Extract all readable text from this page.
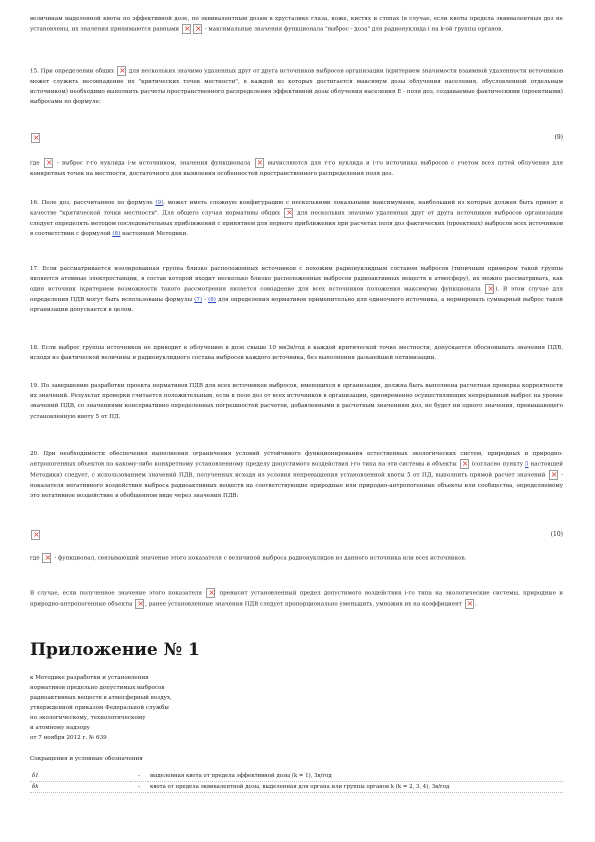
величинам выделенной квоты по эффективной дозе, по эквивалентным дозам в хрусталике глаза, коже, кистях и стопах (в случае, если квоты предела эквивалентных доз не установлены, их значения принимаются равными × ×	- максимальные значения функционала "выброс - доза" для радионуклида i на k-ой группы органов.

15. При определении общих ×	для нескольких значимо удаленных друг от друга источников выбросов организации (критерием значимости взаимной удаленности источников может служить несовпадение их "критических точек местности", в каждой из которых достигается максимум дозы облучения населения, обусловленной отдельным источником) необходимо выполнить расчеты пространственного распределения эффективной дозы облучения населения E - поля доз, создаваемые фактическими (проектными) выбросами по формуле:

×
(9)

где ×	- выброс r-го нуклида i-м источником, значения функционала ×	вычисляются для r-го нуклида и i-го источника выбросов с учетом всех путей облучения для конкретных точек на местности, достаточного для выявления особенностей пространственного распределения поля доз.

16. Поле доз, рассчитанное по формуле (9), может иметь сложную конфигурацию с несколькими локальными максимумами, наибольший из которых должен быть принят в качестве "критической точки местности". Для общего случая нормативы общих ×	для нескольких значимо удаленных друг от друга источников выбросов организации следует определять методом последовательных приближений с принятием для первого приближения при расчетах поля доз фактических (проектных) выбросов всех источников в соответствии с формулой (8) настоящей Методики.

17. Если рассматривается изолированная группа близко расположенных источников с похожим радионуклидным составом выбросов (типичным примером такой группы являются атомные электростанции, в состав которой входит несколько близко расположенных выбросов радиоактивных веществ в атмосферу), их можно рассматривать, как один источник (критерием возможности такого рассмотрения является совпадение для всех источников положения максимума функционала ×	). В этом случае для определения ПДВ могут быть использованы формулы (7) - (8) для определения нормативов применительно для одиночного источника, а нормировать суммарный выброс такой организации допускается в целом.

18. Если выброс группы источников не приводит к облучению в дозе свыше 10 мкЗв/год в каждой критической точке местности, допускается обосновывать значения ПДВ, исходя из фактической величины и радионуклидного состава выбросов каждого источника, без выполнения дальнейшей оптимизации.

19. По завершению разработки проекта нормативов ПДВ для всех источников выбросов, имеющихся в организации, должна быть выполнена расчетная проверка корректности их значений. Результат проверки считается положительным, если в поле доз от всех источников в организации, одновременно осуществляющих непрерывный выброс на уровне значений ПДВ, со значениями консервативно определенных погрешностей расчетов, добавленными к расчетным значениям доз, не будет ни одного значения, превышающего установленную квоту 5 от ПД.

20. При необходимости обеспечения выполнения ограничения условий устойчивого функционирования естественных экологических систем, природных и природно-антропогенных объектов по какому-либо конкретному установленному пределу допустимого воздействия i-го типа на эти системы и объекты ×	(согласно пункту 5 настоящей Методики) следует, с использованием значений ПДВ, полученных исходя из условия непревышения установленной квоты 5 от ПД, выполнить прямой расчет значений ×	- показателя негативного воздействия выброса радиоактивных веществ на соответствующие природные или природно-антропогенные объекты или сообщества, определяемому это негативное воздействие в обобщенном виде через значения ПДВ:

×
(10)

где ×	- функционал, связывающий значение этого показателя с величиной выброса радионуклидов из данного источника или всех источников.

В случае, если полученное значение этого показателя ×	превысит установленный предел допустимого воздействия i-го типа на экологические системы, природные и природно-антропогенные объекты × , ранее установленные значения ПДВ следует пропорционально уменьшить, умножив их на коэффициент × .

Приложение № 1

к Методике разработки и установления
нормативов предельно допустимых выбросов
радиоактивных веществ в атмосферный воздух,
утвержденной приказом Федеральной службы
по экологическому, технологическому
и атомному надзору
от 7 ноября 2012 г. № 639

Сокращения и условные обозначения

δ1	-	выделенная квота от предела эффективной дозы (k = 1), Зв/год
δk	-	квота от предела эквивалентной дозы, выделенная для органа или группы органов k (k = 2, 3, 4), Зв/год
